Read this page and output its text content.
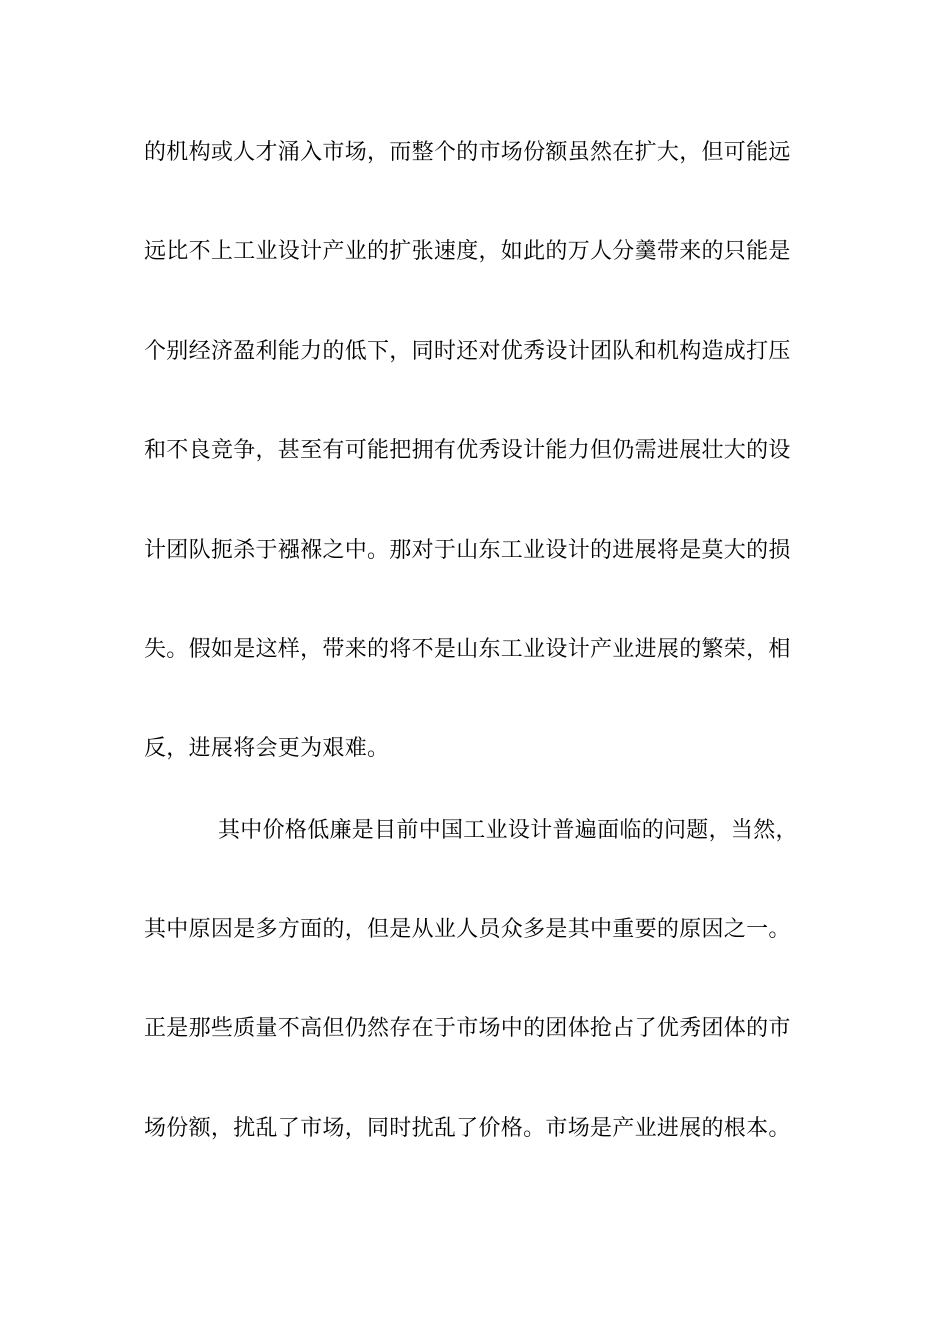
的机构或人才涌入市场，而整个的市场份额虽然在扩大，但可能远
远比不上工业设计产业的扩张速度，如此的万人分羹带来的只能是
个别经济盈利能力的低下，同时还对优秀设计团队和机构造成打压
和不良竞争，甚至有可能把拥有优秀设计能力但仍需进展壮大的设
计团队扼杀于襁褓之中。那对于山东工业设计的进展将是莫大的损
失。假如是这样，带来的将不是山东工业设计产业进展的繁荣，相
反，进展将会更为艰难。
其中价格低廉是目前中国工业设计普遍面临的问题，当然，
其中原因是多方面的，但是从业人员众多是其中重要的原因之一。
正是那些质量不高但仍然存在于市场中的团体抢占了优秀团体的市
场份额，扰乱了市场，同时扰乱了价格。市场是产业进展的根本。
